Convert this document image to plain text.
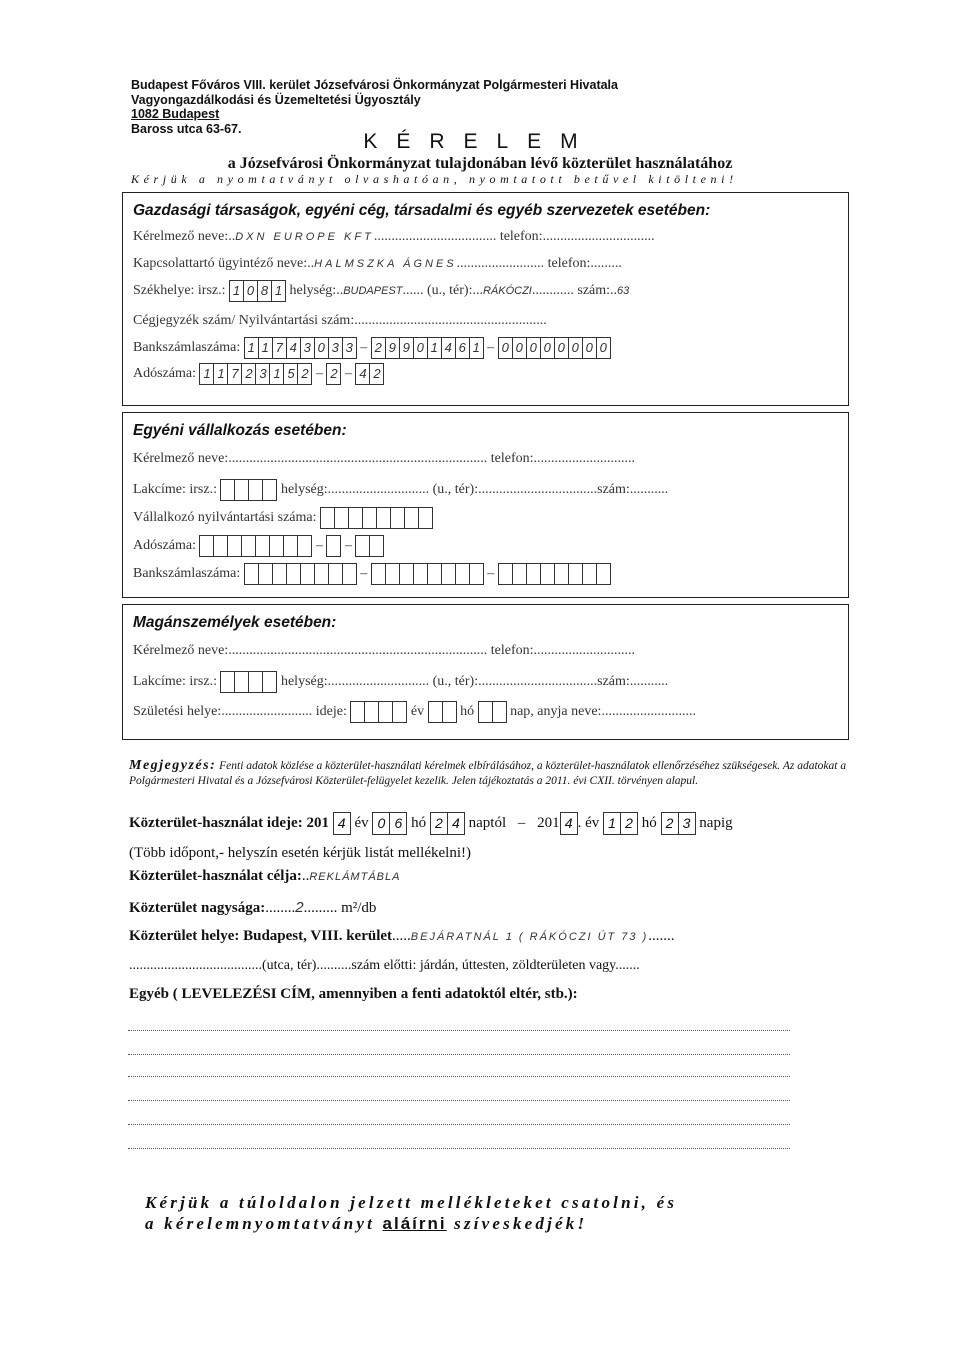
Budapest Főváros VIII. kerület Józsefvárosi Önkormányzat Polgármesteri Hivatala
Vagyongazdálkodási és Üzemeltetési Ügyosztály
1082 Budapest
Baross utca 63-67.
KÉRELEM
a Józsefvárosi Önkormányzat tulajdonában lévő közterület használatához
Kérjük a nyomtatványt olvashatóan, nyomtatott betűvel kitölteni!
Gazdasági társaságok, egyéni cég, társadalmi és egyéb szervezetek esetében:
Kérelmező neve:..DXN EUROPE KFT................................... telefon:................................
Kapcsolattartó ügyintéző neve:..HALMSZKA ÁGNES......................... telefon:.........
Székhelye: irsz.: 1 0 8 1 helység:..BUDAPEST...... (u., tér):...RÁKÓCZI............ szám:..63
Cégjegyzék szám/ Nyilvántartási szám:.......................................................
Bankszámlaszáma: 1 1 7 4 3 0 3 3 – 2 9 9 0 1 4 6 1 – 0 0 0 0 0 0 0 0
Adószáma: 1 1 7 2 3 1 5 2 – 2 – 4 2
Egyéni vállalkozás esetében:
Kérelmező neve:.......................................................................... telefon:.............................
Lakcíme: irsz.:	helység:............................. (u., tér):..................................szám:...........
Vállalkozó nyilvántartási száma:
Adószáma:	–  –
Bankszámlaszáma:	–	–
Magánszemélyek esetében:
Kérelmező neve:.......................................................................... telefon:.............................
Lakcíme: irsz.:	helység:............................. (u., tér):..................................szám:...........
Születési helye:.......................... ideje:	év	hó	nap, anyja neve:...........................
Megjegyzés: Fenti adatok közlése a közterület-használati kérelmek elbírálásához, a közterület-használatok ellenőrzéséhez szükségesek. Az adatokat a Polgármesteri Hivatal és a Józsefvárosi Közterület-felügyelet kezelik. Jelen tájékoztatás a 2011. évi CXII. törvényen alapul.
Közterület-használat ideje: 201 4 év 0 6 hó 2 4 naptól – 201 4 . év 1 2 hó 2 3 napig
(Több időpont,- helyszín esetén kérjük listát mellékelni!)
Közterület-használat célja:..REKLÁMTÁBLA
Közterület nagysága:........2......... m²/db
Közterület helye: Budapest, VIII. kerület.....BEJÁRATNÁL 1 ( RÁKÓCZI ÚT 73 ).......
......................................(utca, tér)..........szám előtti: járdán, úttesten, zöldterületen vagy.......
Egyéb ( LEVELEZÉSI CÍM, amennyiben a fenti adatoktól eltér, stb.):
Kérjük a túloldalon jelzett mellékleteket csatolni, és
a kérelemnyomtatványt aláírni szíveskedjék!
